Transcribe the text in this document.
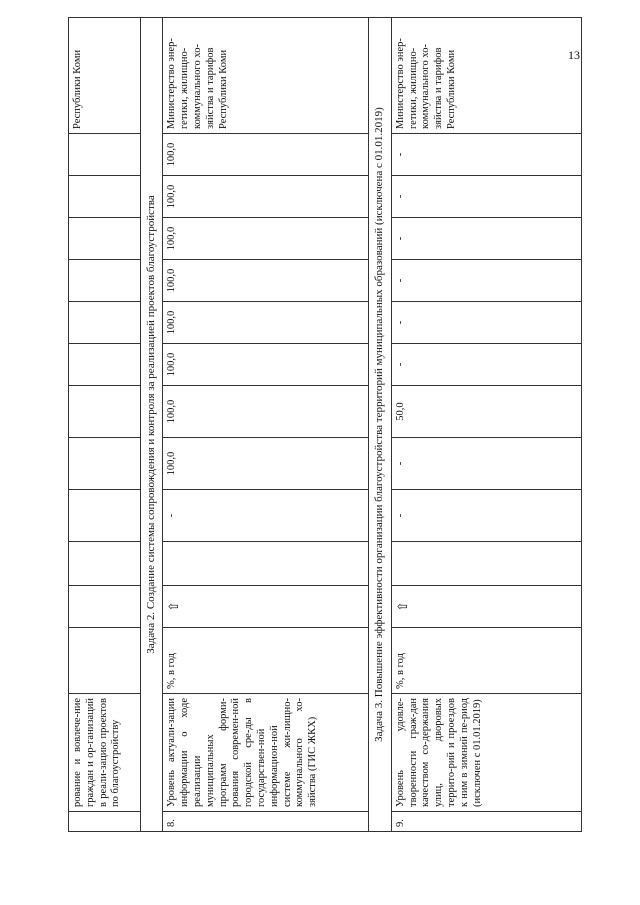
13
	рование и вовлече-ние граждан и ор-ганизаций в реали-зацию проектов по благоустройству													Республики Коми
Задача 2. Создание системы сопровождения и контроля за реализацией проектов благоустройства														
8.	Уровень актуали-зации информации о ходе реализации муниципальных программ форми-рования современ-ной городской сре-ды в государствен-ной информацион-ной системе жи-лищно-коммунального хо-зяйства (ГИС ЖКХ)	%, в год	⇧		-	100,0	100,0	100,0	100,0	100,0	100,0	100,0	100,0	Министерство энер-гетики, жилищно-коммунального хо-зяйства и тарифов Республики Коми
Задача 3. Повышение эффективности организации благоустройства территорий муниципальных образований (исключена с 01.01.2019)														
9.	Уровень удовле-творенности граж-дан качеством со-держания улиц, дворовых террито-рий и проездов к ним в зимний пе-риод (исключен с 01.01.2019)	%, в год	⇧		-	-	50,0	-	-	-	-	-	-	Министерство энер-гетики, жилищно-коммунального хо-зяйства и тарифов Республики Коми
